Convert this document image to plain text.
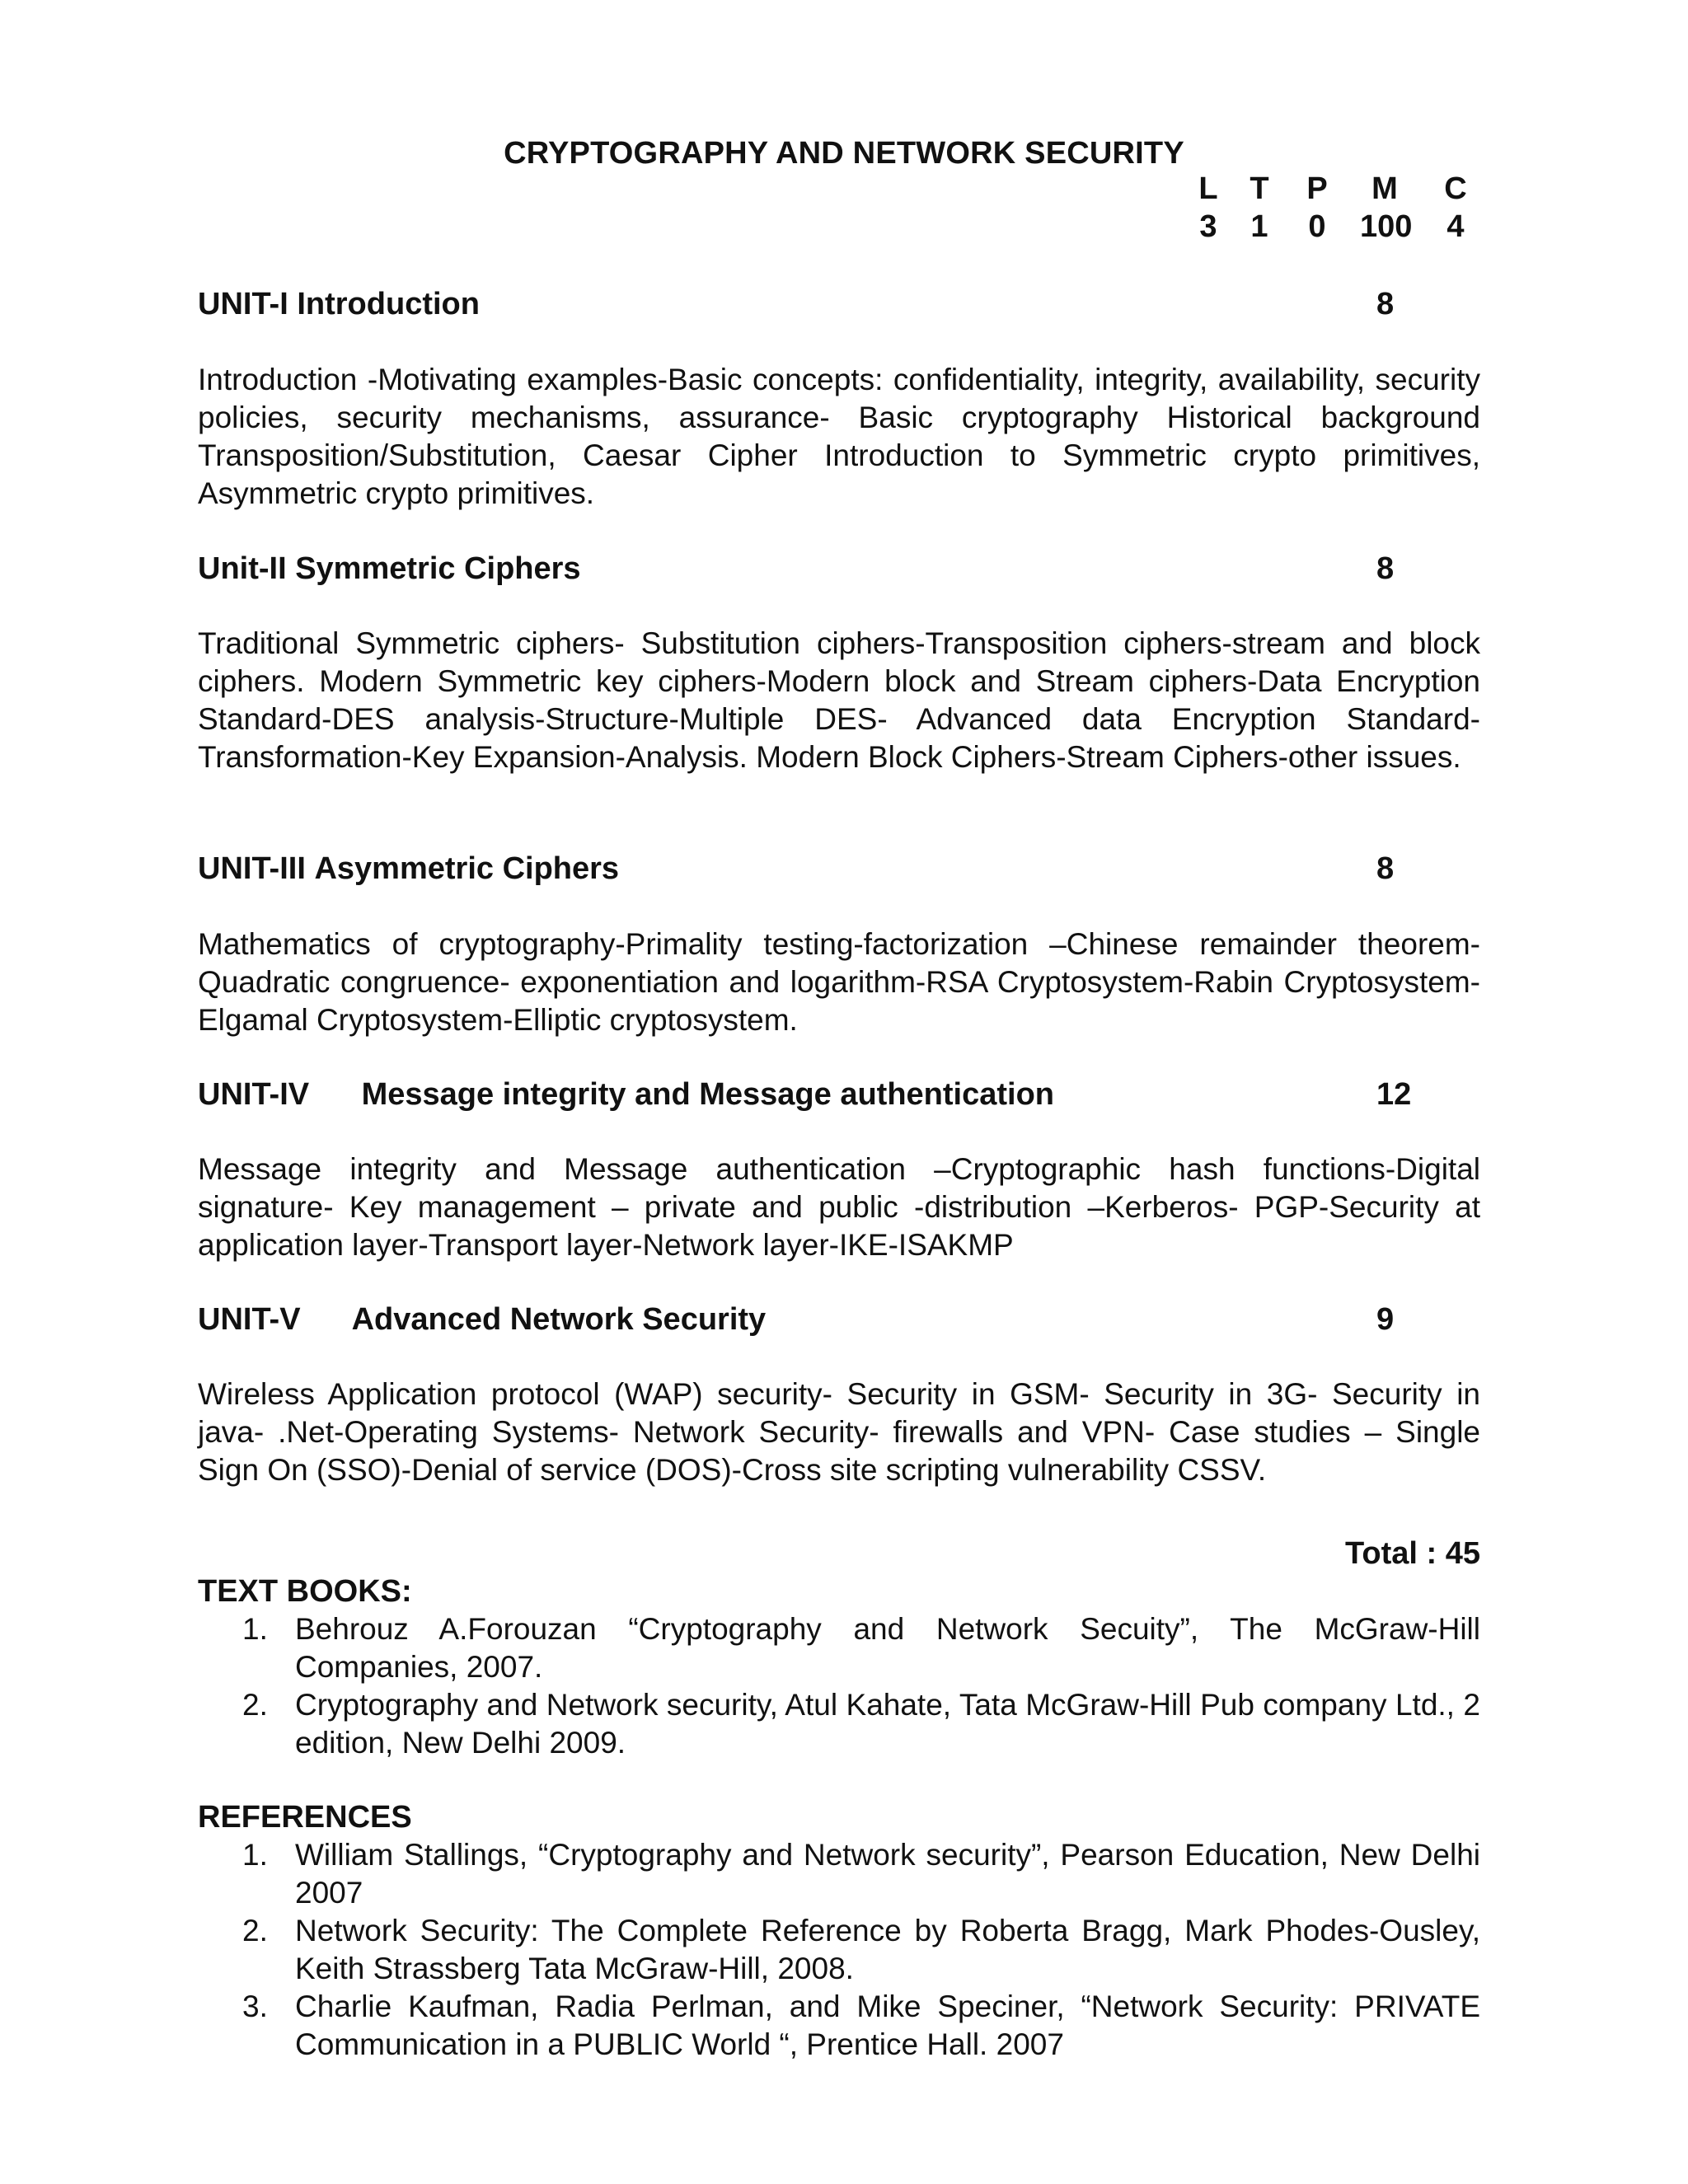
CRYPTOGRAPHY AND NETWORK SECURITY
L	T	P	M	C
3	1	0	100	4
UNIT-I Introduction	8
Introduction -Motivating examples-Basic concepts: confidentiality, integrity, availability, security policies, security mechanisms, assurance- Basic cryptography Historical background Transposition/Substitution, Caesar Cipher Introduction to Symmetric crypto primitives, Asymmetric crypto primitives.
Unit-II Symmetric Ciphers	8
Traditional Symmetric ciphers- Substitution ciphers-Transposition ciphers-stream and block ciphers. Modern Symmetric key ciphers-Modern block and Stream ciphers-Data Encryption Standard-DES analysis-Structure-Multiple DES- Advanced data Encryption Standard-Transformation-Key Expansion-Analysis. Modern Block Ciphers-Stream Ciphers-other issues.
UNIT-III Asymmetric Ciphers	8
Mathematics of cryptography-Primality testing-factorization –Chinese remainder theorem-Quadratic congruence- exponentiation and logarithm-RSA Cryptosystem-Rabin Cryptosystem-Elgamal Cryptosystem-Elliptic cryptosystem.
UNIT-IV Message integrity and Message authentication	12
Message integrity and Message authentication –Cryptographic hash functions-Digital signature- Key management – private and public -distribution –Kerberos- PGP-Security at application layer-Transport layer-Network layer-IKE-ISAKMP
UNIT-V Advanced Network Security	9
Wireless Application protocol (WAP) security- Security in GSM- Security in 3G- Security in java- .Net-Operating Systems- Network Security- firewalls and VPN- Case studies – Single Sign On (SSO)-Denial of service (DOS)-Cross site scripting vulnerability CSSV.
Total : 45
TEXT BOOKS:
1. Behrouz A.Forouzan “Cryptography and Network Secuity”, The McGraw-Hill Companies, 2007.
2. Cryptography and Network security, Atul Kahate, Tata McGraw-Hill Pub company Ltd., 2 edition, New Delhi 2009.
REFERENCES
1. William Stallings, “Cryptography and Network security”, Pearson Education, New Delhi 2007
2. Network Security: The Complete Reference by Roberta Bragg, Mark Phodes-Ousley, Keith Strassberg Tata McGraw-Hill, 2008.
3. Charlie Kaufman, Radia Perlman, and Mike Speciner, “Network Security: PRIVATE Communication in a PUBLIC World “, Prentice Hall. 2007
